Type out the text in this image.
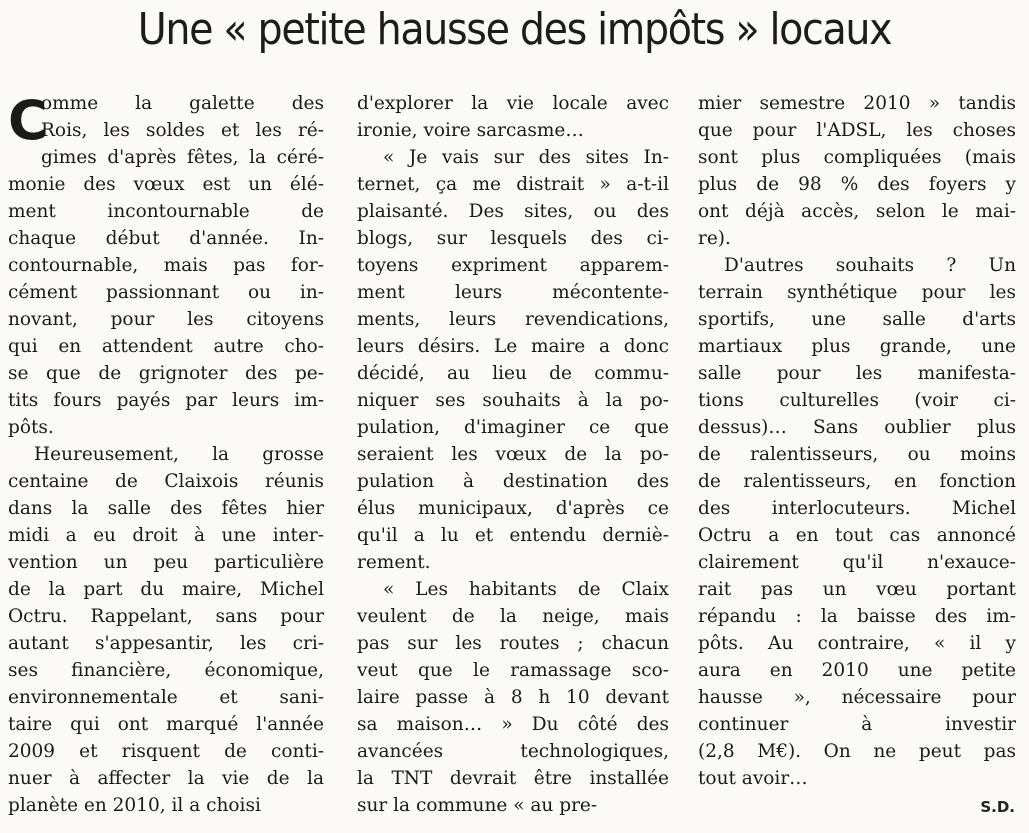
Une « petite hausse des impôts » locaux
C
omme la galette des
Rois, les soldes et les ré-
gimes d'après fêtes, la céré-
monie des vœux est un élé-
ment incontournable de
chaque début d'année. In-
contournable, mais pas for-
cément passionnant ou in-
novant, pour les citoyens
qui en attendent autre cho-
se que de grignoter des pe-
tits fours payés par leurs im-
pôts.
Heureusement, la grosse
centaine de Claixois réunis
dans la salle des fêtes hier
midi a eu droit à une inter-
vention un peu particulière
de la part du maire, Michel
Octru. Rappelant, sans pour
autant s'appesantir, les cri-
ses financière, économique,
environnementale et sani-
taire qui ont marqué l'année
2009 et risquent de conti-
nuer à affecter la vie de la
planète en 2010, il a choisi
d'explorer la vie locale avec
ironie, voire sarcasme…
« Je vais sur des sites In-
ternet, ça me distrait » a-t-il
plaisanté. Des sites, ou des
blogs, sur lesquels des ci-
toyens expriment apparem-
ment leurs mécontente-
ments, leurs revendications,
leurs désirs. Le maire a donc
décidé, au lieu de commu-
niquer ses souhaits à la po-
pulation, d'imaginer ce que
seraient les vœux de la po-
pulation à destination des
élus municipaux, d'après ce
qu'il a lu et entendu derniè-
rement.
« Les habitants de Claix
veulent de la neige, mais
pas sur les routes ; chacun
veut que le ramassage sco-
laire passe à 8 h 10 devant
sa maison… » Du côté des
avancées technologiques,
la TNT devrait être installée
sur la commune « au pre-
mier semestre 2010 » tandis
que pour l'ADSL, les choses
sont plus compliquées (mais
plus de 98 % des foyers y
ont déjà accès, selon le mai-
re).
D'autres souhaits ? Un
terrain synthétique pour les
sportifs, une salle d'arts
martiaux plus grande, une
salle pour les manifesta-
tions culturelles (voir ci-
dessus)… Sans oublier plus
de ralentisseurs, ou moins
de ralentisseurs, en fonction
des interlocuteurs. Michel
Octru a en tout cas annoncé
clairement qu'il n'exauce-
rait pas un vœu portant
répandu : la baisse des im-
pôts. Au contraire, « il y
aura en 2010 une petite
hausse », nécessaire pour
continuer à investir
(2,8 M€). On ne peut pas
tout avoir…
S.D.
